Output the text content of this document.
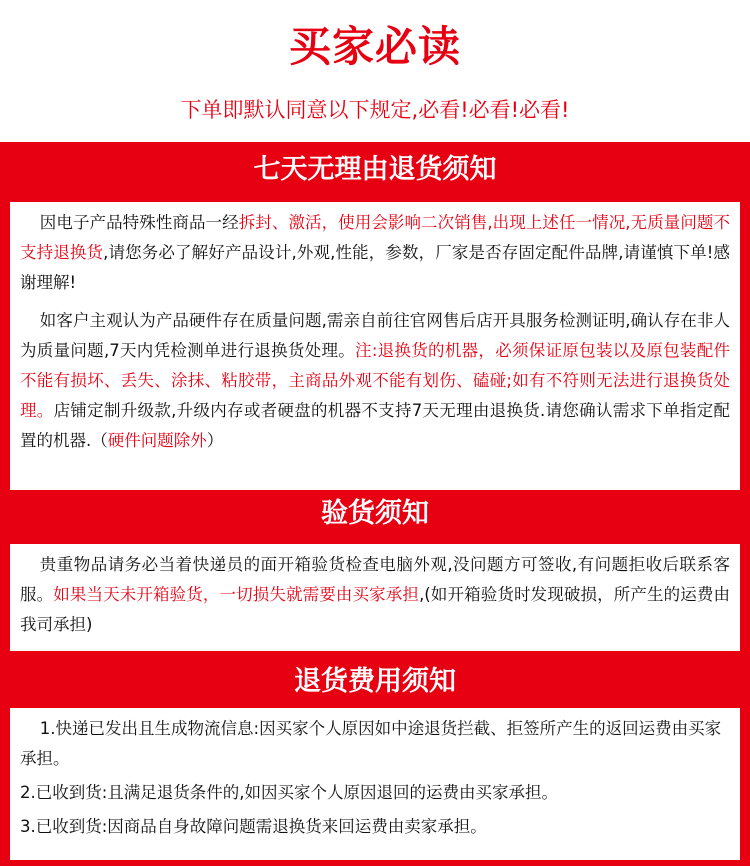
买家必读

下单即默认同意以下规定,必看!必看!必看!

七天无理由退货须知

因电子产品特殊性商品一经拆封、激活，使用会影响二次销售,出现上述任一情况,无质量问题不支持退换货,请您务必了解好产品设计,外观,性能，参数，厂家是否存固定配件品牌,请谨慎下单!感谢理解!

如客户主观认为产品硬件存在质量问题,需亲自前往官网售后店开具服务检测证明,确认存在非人为质量问题,7天内凭检测单进行退换货处理。注:退换货的机器，必须保证原包装以及原包装配件不能有损坏、丢失、涂抹、粘胶带，主商品外观不能有划伤、磕碰;如有不符则无法进行退换货处理。店铺定制升级款,升级内存或者硬盘的机器不支持7天无理由退换货.请您确认需求下单指定配置的机器.（硬件问题除外）

验货须知

贵重物品请务必当着快递员的面开箱验货检查电脑外观,没问题方可签收,有问题拒收后联系客服。如果当天未开箱验货，一切损失就需要由买家承担,(如开箱验货时发现破损，所产生的运费由我司承担)

退货费用须知

1.快递已发出且生成物流信息:因买家个人原因如中途退货拦截、拒签所产生的返回运费由买家承担。

2.已收到货:且满足退货条件的,如因买家个人原因退回的运费由买家承担。

3.已收到货:因商品自身故障问题需退换货来回运费由卖家承担。
